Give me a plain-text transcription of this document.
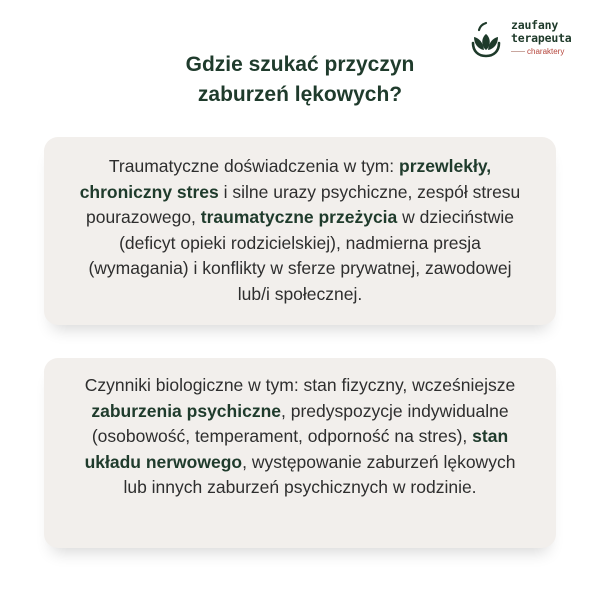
zaufany
terapeuta
charaktery
Gdzie szukać przyczyn
zaburzeń lękowych?

Traumatyczne doświadczenia w tym: przewlekły, chroniczny stres i silne urazy psychiczne, zespół stresu pourazowego, traumatyczne przeżycia w dzieciństwie (deficyt opieki rodzicielskiej), nadmierna presja (wymagania) i konflikty w sferze prywatnej, zawodowej lub/i społecznej.

Czynniki biologiczne w tym: stan fizyczny, wcześniejsze zaburzenia psychiczne, predyspozycje indywidualne (osobowość, temperament, odporność na stres), stan układu nerwowego, występowanie zaburzeń lękowych lub innych zaburzeń psychicznych w rodzinie.
